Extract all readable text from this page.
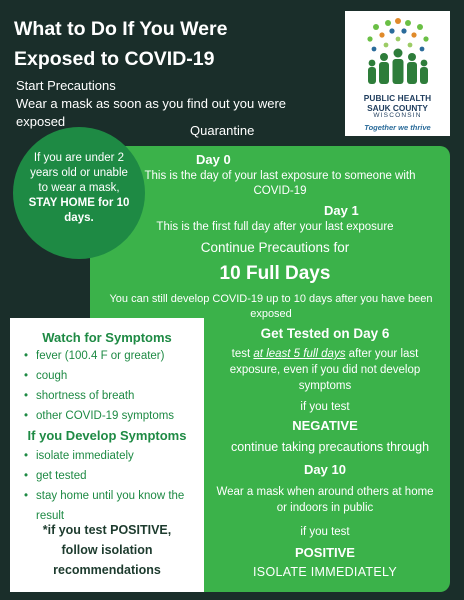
What to Do If You Were
Exposed to COVID-19
Start Precautions
Wear a mask as soon as you find out you were
exposed
Quarantine
PUBLIC HEALTH
SAUK COUNTY
WISCONSIN
Together we thrive
If you are under 2 years old or unable to wear a mask, STAY HOME for 10 days.
Day 0
This is the day of your last exposure to someone with COVID-19
Day 1
This is the first full day after your last exposure
Continue Precautions for
10 Full Days
You can still develop COVID-19 up to 10 days after you have been exposed
Get Tested on Day 6
test at least 5 full days after your last exposure, even if you did not develop symptoms
if you test
NEGATIVE
continue taking precautions through
Day 10
Wear a mask when around others at home or indoors in public
if you test
POSITIVE
ISOLATE IMMEDIATELY
Watch for Symptoms
• fever (100.4 F or greater)
• cough
• shortness of breath
• other COVID-19 symptoms
If you Develop Symptoms
• isolate immediately
• get tested
• stay home until you know the result
*if you test POSITIVE,
follow isolation
recommendations
